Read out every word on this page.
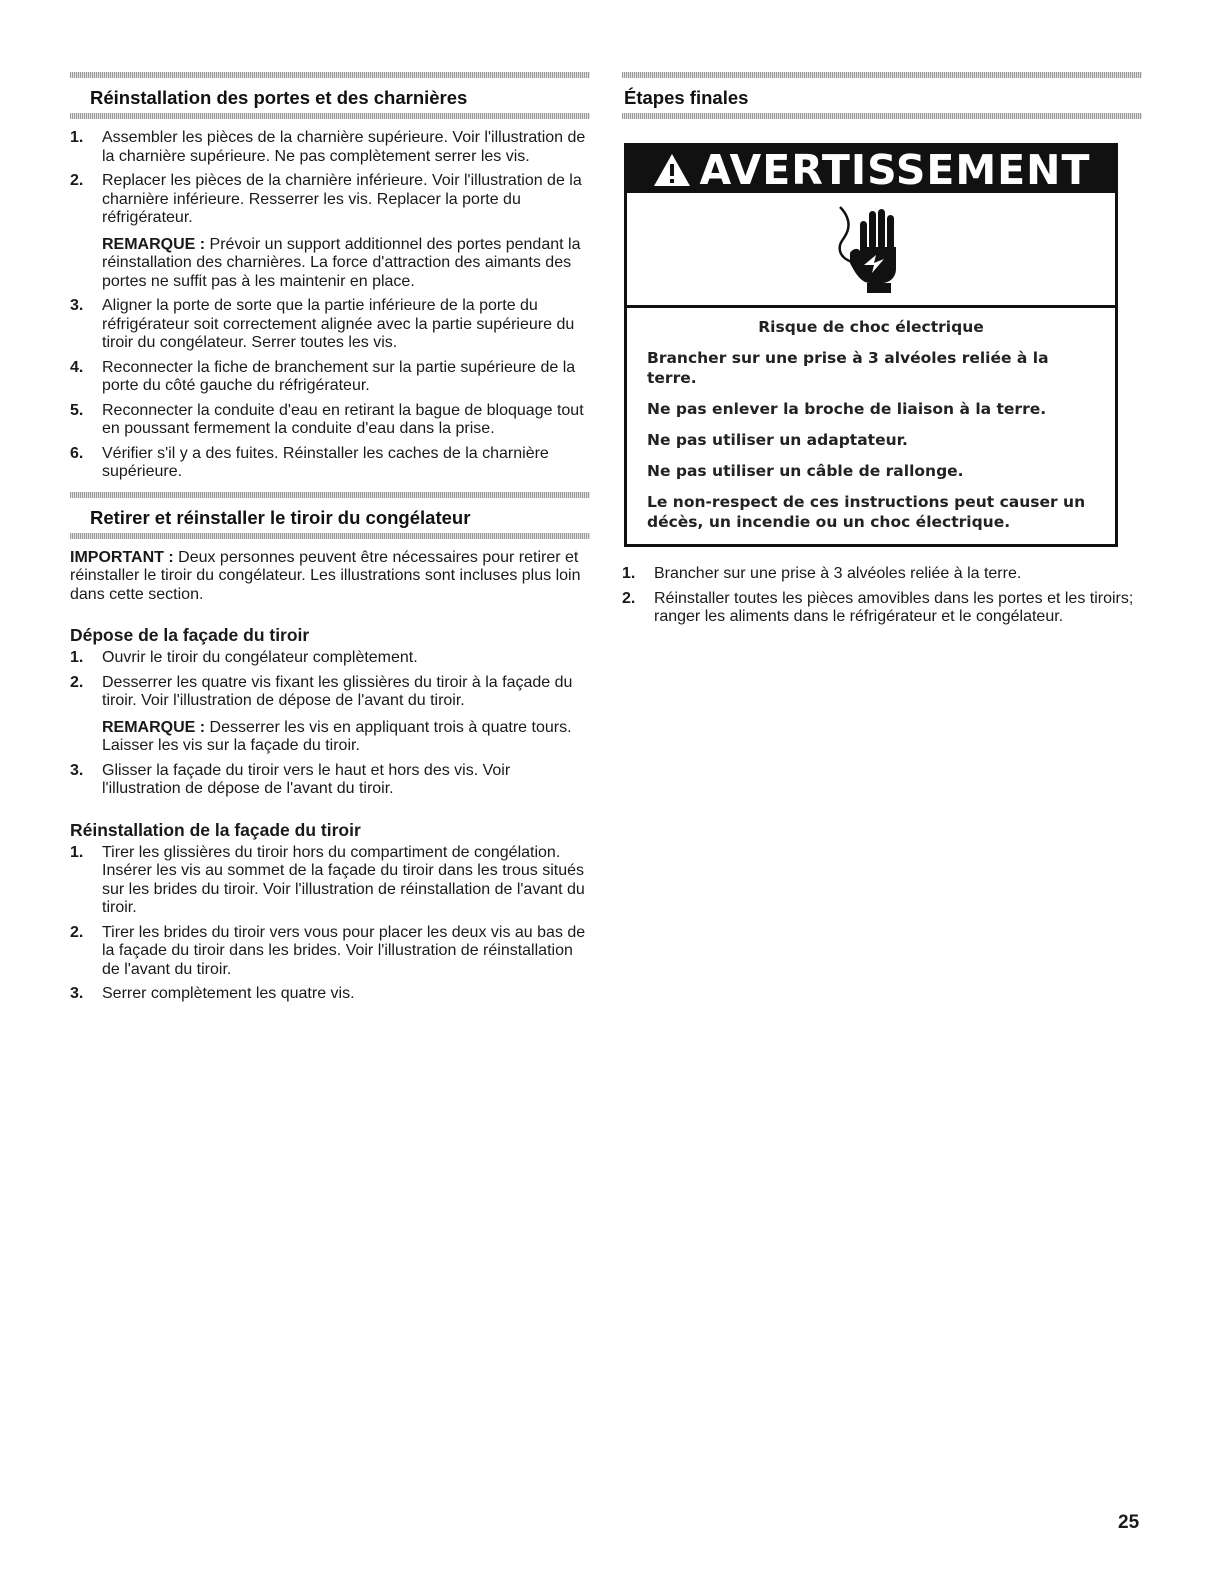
Réinstallation des portes et des charnières
1. Assembler les pièces de la charnière supérieure. Voir l'illustration de la charnière supérieure. Ne pas complètement serrer les vis.
2. Replacer les pièces de la charnière inférieure. Voir l'illustration de la charnière inférieure. Resserrer les vis. Replacer la porte du réfrigérateur.
REMARQUE : Prévoir un support additionnel des portes pendant la réinstallation des charnières. La force d'attraction des aimants des portes ne suffit pas à les maintenir en place.
3. Aligner la porte de sorte que la partie inférieure de la porte du réfrigérateur soit correctement alignée avec la partie supérieure du tiroir du congélateur. Serrer toutes les vis.
4. Reconnecter la fiche de branchement sur la partie supérieure de la porte du côté gauche du réfrigérateur.
5. Reconnecter la conduite d'eau en retirant la bague de bloquage tout en poussant fermement la conduite d'eau dans la prise.
6. Vérifier s'il y a des fuites. Réinstaller les caches de la charnière supérieure.
Retirer et réinstaller le tiroir du congélateur

IMPORTANT : Deux personnes peuvent être nécessaires pour retirer et réinstaller le tiroir du congélateur. Les illustrations sont incluses plus loin dans cette section.

Dépose de la façade du tiroir
1. Ouvrir le tiroir du congélateur complètement.
2. Desserrer les quatre vis fixant les glissières du tiroir à la façade du tiroir. Voir l'illustration de dépose de l'avant du tiroir.
REMARQUE : Desserrer les vis en appliquant trois à quatre tours. Laisser les vis sur la façade du tiroir.
3. Glisser la façade du tiroir vers le haut et hors des vis. Voir l'illustration de dépose de l'avant du tiroir.
Réinstallation de la façade du tiroir
1. Tirer les glissières du tiroir hors du compartiment de congélation. Insérer les vis au sommet de la façade du tiroir dans les trous situés sur les brides du tiroir. Voir l'illustration de réinstallation de l'avant du tiroir.
2. Tirer les brides du tiroir vers vous pour placer les deux vis au bas de la façade du tiroir dans les brides. Voir l'illustration de réinstallation de l'avant du tiroir.
3. Serrer complètement les quatre vis.
Étapes finales
AVERTISSEMENT
Risque de choc électrique

Brancher sur une prise à 3 alvéoles reliée à la terre.

Ne pas enlever la broche de liaison à la terre.

Ne pas utiliser un adaptateur.

Ne pas utiliser un câble de rallonge.

Le non-respect de ces instructions peut causer un décès, un incendie ou un choc électrique.

1. Brancher sur une prise à 3 alvéoles reliée à la terre.
2. Réinstaller toutes les pièces amovibles dans les portes et les tiroirs; ranger les aliments dans le réfrigérateur et le congélateur.
25
